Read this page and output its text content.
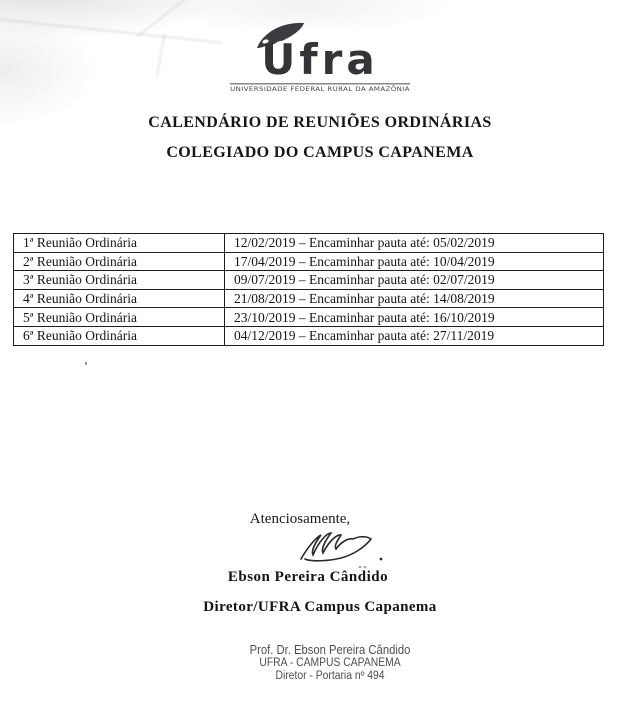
Ufra
UNIVERSIDADE FEDERAL RURAL DA AMAZÔNIA
CALENDÁRIO DE REUNIÕES ORDINÁRIAS
COLEGIADO DO CAMPUS CAPANEMA
1ª Reunião Ordinária	12/02/2019 – Encaminhar pauta até: 05/02/2019
2ª Reunião Ordinária	17/04/2019 – Encaminhar pauta até: 10/04/2019
3ª Reunião Ordinária	09/07/2019 – Encaminhar pauta até: 02/07/2019
4ª Reunião Ordinária	21/08/2019 – Encaminhar pauta até: 14/08/2019
5ª Reunião Ordinária	23/10/2019 – Encaminhar pauta até: 16/10/2019
6ª Reunião Ordinária	04/12/2019 – Encaminhar pauta até: 27/11/2019
Atenciosamente,
Ebson Pereira Cândido
Diretor/UFRA Campus Capanema
Prof. Dr. Ebson Pereira Cândido
UFRA - CAMPUS CAPANEMA
Diretor - Portaria nº 494
